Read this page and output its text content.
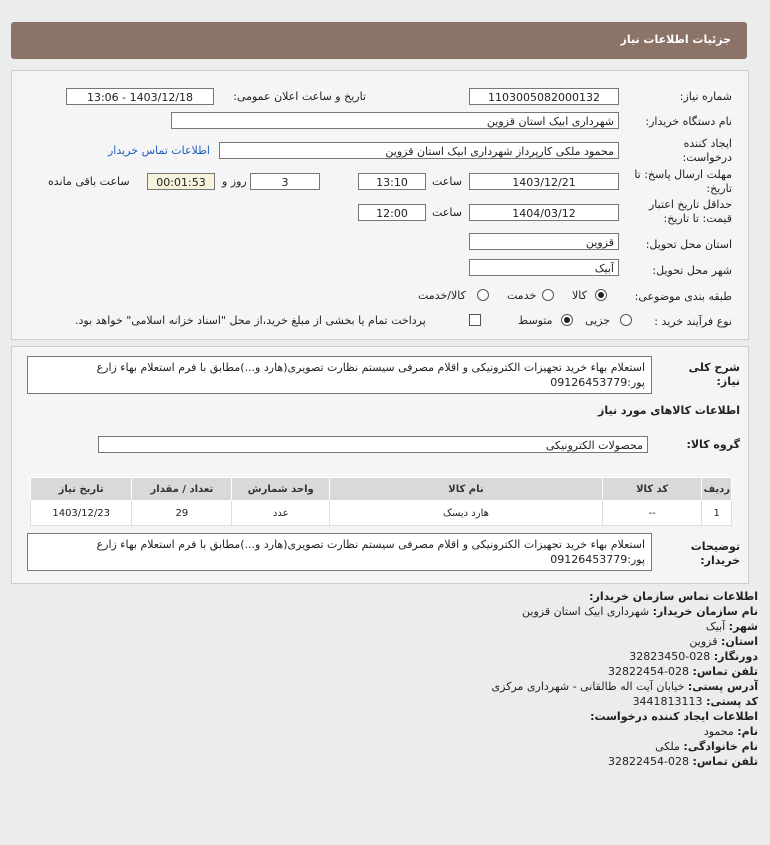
جزئیات اطلاعات نیاز
شماره نیاز:
1103005082000132
تاریخ و ساعت اعلان عمومی:
1403/12/18 - 13:06
نام دستگاه خریدار:
شهرداری ابیک استان قزوین
ایجاد کننده درخواست:
محمود ملکی کارپرداز شهرداری ابیک استان قزوین
اطلاعات تماس خریدار
مهلت ارسال پاسخ: تا تاریخ:
1403/12/21
ساعت
13:10
3
روز و
00:01:53
ساعت باقی مانده
حداقل تاریخ اعتبار قیمت: تا تاریخ:
1404/03/12
ساعت
12:00
استان محل تحویل:
قزوین
شهر محل تحویل:
آبیک
طبقه بندی موضوعی:
کالا
خدمت
کالا/خدمت
نوع فرآیند خرید :
جزیی
متوسط
پرداخت تمام یا بخشی از مبلغ خرید،از محل "اسناد خزانه اسلامی" خواهد بود.
شرح کلی نیاز:
استعلام بهاء خرید تجهیزات الکترونیکی و اقلام مصرفی سیستم نظارت تصویری(هارد و...)مطابق با فرم استعلام بهاء زارع پور:09126453779
اطلاعات کالاهای مورد نیاز
گروه کالا:
محصولات الکترونیکی
ردیف	کد کالا	نام کالا	واحد شمارش	تعداد / مقدار	تاریخ نیاز
1	--	هارد دیسک	عدد	29	1403/12/23
توضیحات خریدار:
استعلام بهاء خرید تجهیزات الکترونیکی و اقلام مصرفی سیستم نظارت تصویری(هارد و...)مطابق با فرم استعلام بهاء زارع پور:09126453779
اطلاعات تماس سازمان خریدار:
نام سازمان خریدار: شهرداری ابیک استان قزوین
شهر: آبیک
استان: قزوین
دورنگار: 028-32823450
تلفن تماس: 028-32822454
آدرس پستی: خیابان آیت اله طالقانی - شهرداری مرکزی
کد پستی: 3441813113
اطلاعات ایجاد کننده درخواست:
نام: محمود
نام خانوادگی: ملکی
تلفن تماس: 028-32822454
